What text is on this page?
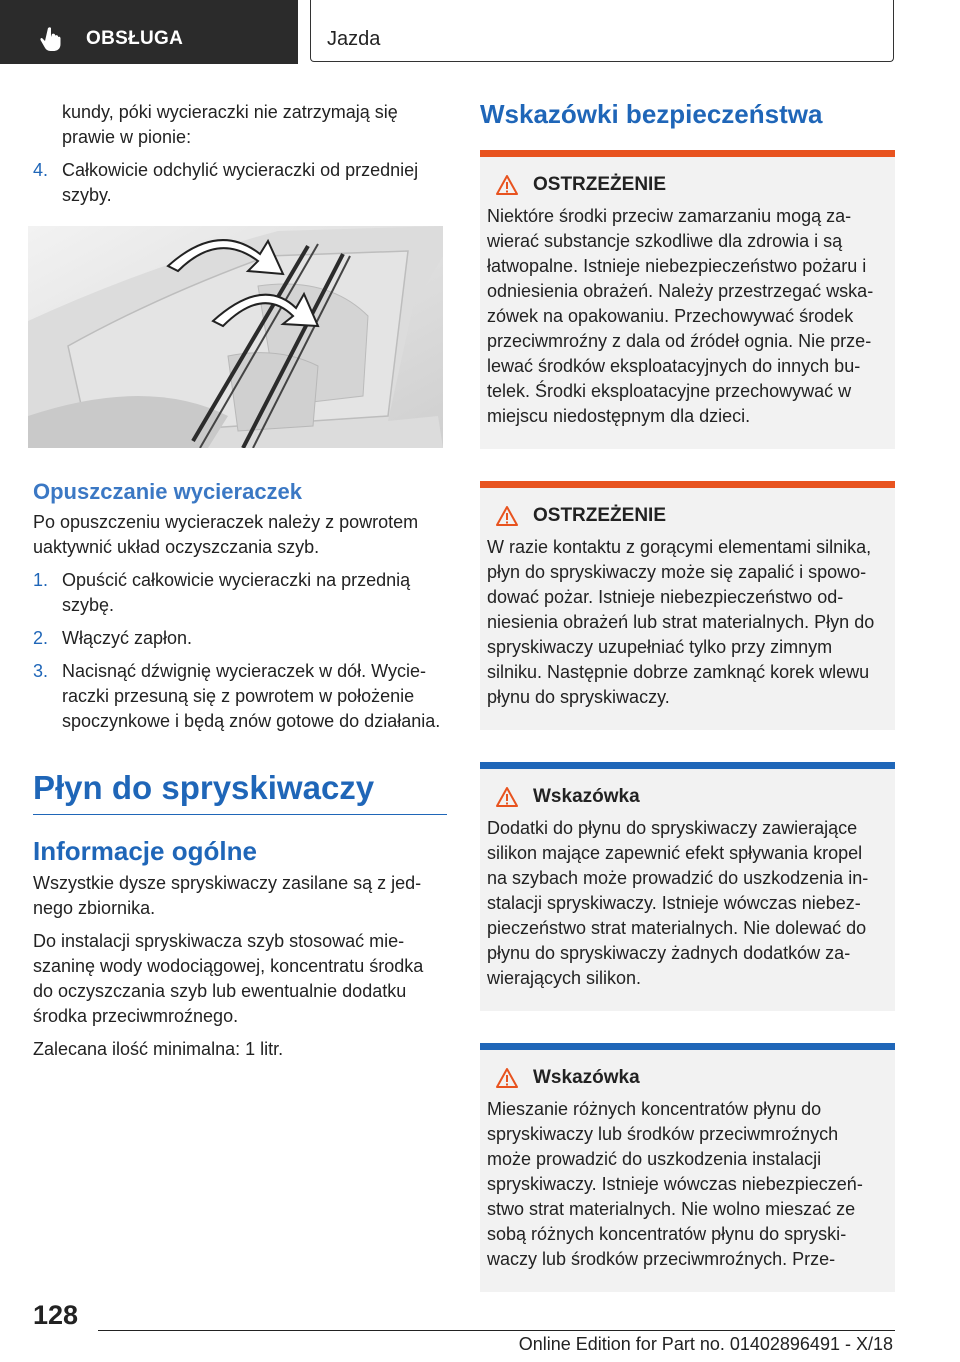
OBSŁUGA	Jazda
kundy, póki wycieraczki nie zatrzymają się prawie w pionie:
4. Całkowicie odchylić wycieraczki od przedniej szyby.
Opuszczanie wycieraczek
Po opuszczeniu wycieraczek należy z powrotem uaktywnić układ oczyszczania szyb.
1. Opuścić całkowicie wycieraczki na przednią szybę.
2. Włączyć zapłon.
3. Nacisnąć dźwignię wycieraczek w dół. Wycieraczki przesuną się z powrotem w położenie spoczynkowe i będą znów gotowe do działania.
Płyn do spryskiwaczy
Informacje ogólne
Wszystkie dysze spryskiwaczy zasilane są z jednego zbiornika.
Do instalacji spryskiwacza szyb stosować mieszaninę wody wodociągowej, koncentratu środka do oczyszczania szyb lub ewentualnie dodatku środka przeciwmroźnego.
Zalecana ilość minimalna: 1 litr.
Wskazówki bezpieczeństwa
OSTRZEŻENIE
Niektóre środki przeciw zamarzaniu mogą zawierać substancje szkodliwe dla zdrowia i są łatwopalne. Istnieje niebezpieczeństwo pożaru i odniesienia obrażeń. Należy przestrzegać wskazówek na opakowaniu. Przechowywać środek przeciwmroźny z dala od źródeł ognia. Nie przelewać środków eksploatacyjnych do innych butelek. Środki eksploatacyjne przechowywać w miejscu niedostępnym dla dzieci.
OSTRZEŻENIE
W razie kontaktu z gorącymi elementami silnika, płyn do spryskiwaczy może się zapalić i spowodować pożar. Istnieje niebezpieczeństwo odniesienia obrażeń lub strat materialnych. Płyn do spryskiwaczy uzupełniać tylko przy zimnym silniku. Następnie dobrze zamknąć korek wlewu płynu do spryskiwaczy.
Wskazówka
Dodatki do płynu do spryskiwaczy zawierające silikon mające zapewnić efekt spływania kropel na szybach może prowadzić do uszkodzenia instalacji spryskiwaczy. Istnieje wówczas niebezpieczeństwo strat materialnych. Nie dolewać do płynu do spryskiwaczy żadnych dodatków zawierających silikon.
Wskazówka
Mieszanie różnych koncentratów płynu do spryskiwaczy lub środków przeciwmroźnych może prowadzić do uszkodzenia instalacji spryskiwaczy. Istnieje wówczas niebezpieczeństwo strat materialnych. Nie wolno mieszać ze sobą różnych koncentratów płynu do spryskiwaczy lub środków przeciwmroźnych. Prze-
128
Online Edition for Part no. 01402896491 - X/18
